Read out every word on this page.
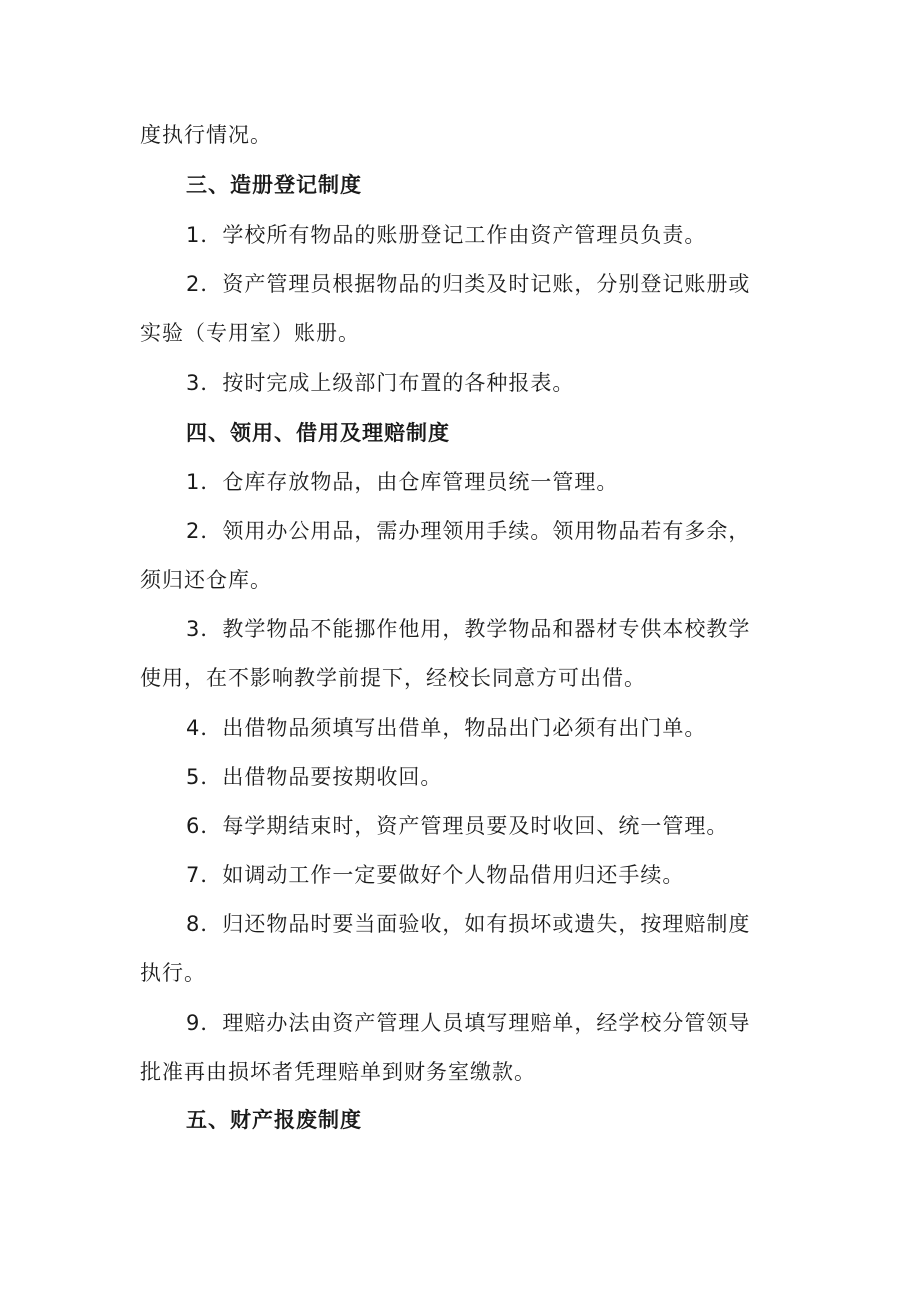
度执行情况。
三、造册登记制度
1．学校所有物品的账册登记工作由资产管理员负责。
2．资产管理员根据物品的归类及时记账，分别登记账册或
实验（专用室）账册。
3．按时完成上级部门布置的各种报表。
四、领用、借用及理赔制度
1．仓库存放物品，由仓库管理员统一管理。
2．领用办公用品，需办理领用手续。领用物品若有多余，
须归还仓库。
3．教学物品不能挪作他用，教学物品和器材专供本校教学
使用，在不影响教学前提下，经校长同意方可出借。
4．出借物品须填写出借单，物品出门必须有出门单。
5．出借物品要按期收回。
6．每学期结束时，资产管理员要及时收回、统一管理。
7．如调动工作一定要做好个人物品借用归还手续。
8．归还物品时要当面验收，如有损坏或遗失，按理赔制度
执行。
9．理赔办法由资产管理人员填写理赔单，经学校分管领导
批准再由损坏者凭理赔单到财务室缴款。
五、财产报废制度
